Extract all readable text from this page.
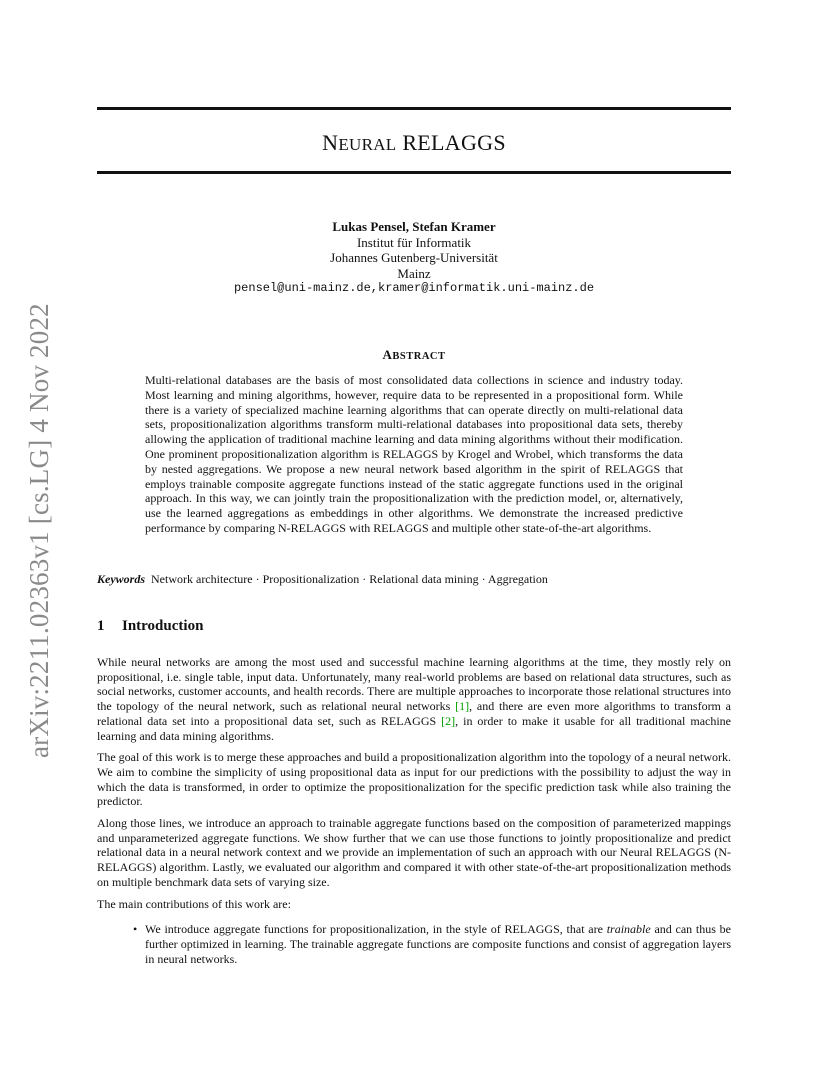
arXiv:2211.02363v1 [cs.LG] 4 Nov 2022
NEURAL RELAGGS
Lukas Pensel, Stefan Kramer
Institut für Informatik
Johannes Gutenberg-Universität
Mainz
pensel@uni-mainz.de,kramer@informatik.uni-mainz.de
ABSTRACT
Multi-relational databases are the basis of most consolidated data collections in science and industry today. Most learning and mining algorithms, however, require data to be represented in a propositional form. While there is a variety of specialized machine learning algorithms that can operate directly on multi-relational data sets, propositionalization algorithms transform multi-relational databases into propositional data sets, thereby allowing the application of traditional machine learning and data mining algorithms without their modification. One prominent propositionalization algorithm is RELAGGS by Krogel and Wrobel, which transforms the data by nested aggregations. We propose a new neural network based algorithm in the spirit of RELAGGS that employs trainable composite aggregate functions instead of the static aggregate functions used in the original approach. In this way, we can jointly train the propositionalization with the prediction model, or, alternatively, use the learned aggregations as embeddings in other algorithms. We demonstrate the increased predictive performance by comparing N-RELAGGS with RELAGGS and multiple other state-of-the-art algorithms.
Keywords Network architecture · Propositionalization · Relational data mining · Aggregation
1 Introduction

While neural networks are among the most used and successful machine learning algorithms at the time, they mostly rely on propositional, i.e. single table, input data. Unfortunately, many real-world problems are based on relational data structures, such as social networks, customer accounts, and health records. There are multiple approaches to incorporate those relational structures into the topology of the neural network, such as relational neural networks [1], and there are even more algorithms to transform a relational data set into a propositional data set, such as RELAGGS [2], in order to make it usable for all traditional machine learning and data mining algorithms.

The goal of this work is to merge these approaches and build a propositionalization algorithm into the topology of a neural network. We aim to combine the simplicity of using propositional data as input for our predictions with the possibility to adjust the way in which the data is transformed, in order to optimize the propositionalization for the specific prediction task while also training the predictor.

Along those lines, we introduce an approach to trainable aggregate functions based on the composition of parameterized mappings and unparameterized aggregate functions. We show further that we can use those functions to jointly propositionalize and predict relational data in a neural network context and we provide an implementation of such an approach with our Neural RELAGGS (N-RELAGGS) algorithm. Lastly, we evaluated our algorithm and compared it with other state-of-the-art propositionalization methods on multiple benchmark data sets of varying size.

The main contributions of this work are:

• We introduce aggregate functions for propositionalization, in the style of RELAGGS, that are trainable and can thus be further optimized in learning. The trainable aggregate functions are composite functions and consist of aggregation layers in neural networks.
